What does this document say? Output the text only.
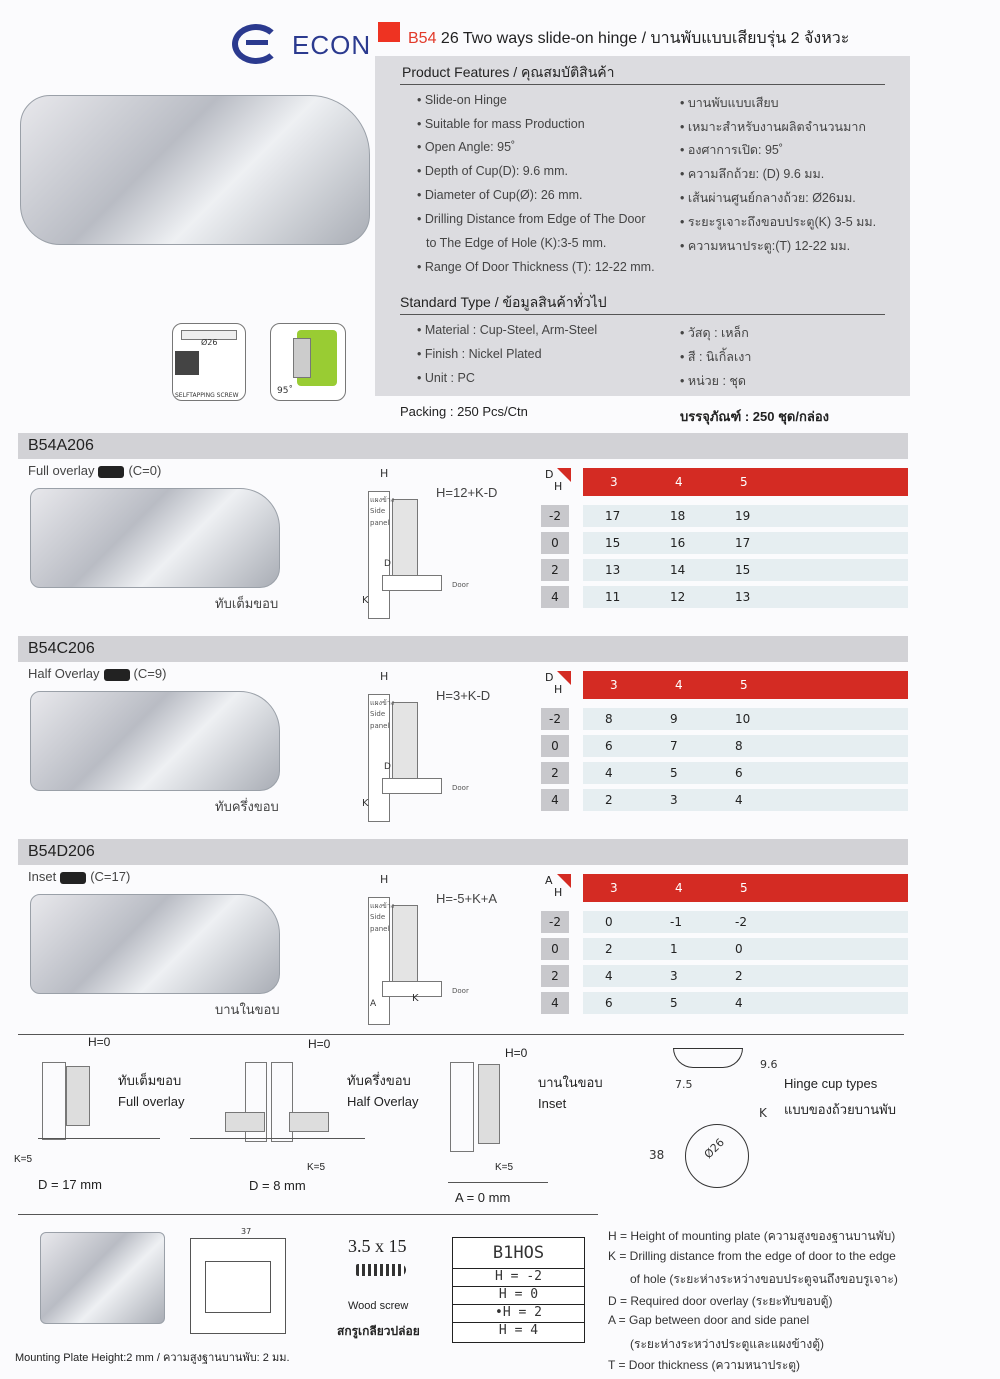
ECON B54 26 Two ways slide-on hinge / บานพับแบบเสียบรุ่น 2 จังหวะ
Ø26
SELFTAPPING SCREW	95˚
Product Features / คุณสมบัติสินค้า
• Slide-on Hinge
• Suitable for mass Production
• Open Angle: 95˚
• Depth of Cup(D): 9.6 mm.
• Diameter of Cup(Ø): 26 mm.
• Drilling Distance from Edge of The Door
to The Edge of Hole (K):3-5 mm.
• Range Of Door Thickness (T): 12-22 mm.
• บานพับแบบเสียบ
• เหมาะสำหรับงานผลิตจำนวนมาก
• องศาการเปิด: 95˚
• ความลึกถ้วย: (D) 9.6 มม.
• เส้นผ่านศูนย์กลางถ้วย: Ø26มม.
• ระยะรูเจาะถึงขอบประตู(K) 3-5 มม.
• ความหนาประตู:(T) 12-22 มม.
Standard Type / ข้อมูลสินค้าทั่วไป
• Material : Cup-Steel, Arm-Steel
• Finish : Nickel Plated
• Unit : PC
• วัสดุ : เหล็ก
• สี : นิเกิ้ลเงา
• หน่วย : ชุด
Packing : 250 Pcs/Ctn	บรรจุภัณฑ์ : 250 ชุด/กล่อง
B54A206
Full overlay	(C=0)
ทับเต็มขอบ
แผงข้าง
Side
panel
Door
H
D
K
H=12+K-D
D
H	3	4	5
-2	17	18	19
0	15	16	17
2	13	14	15
4	11	12	13
B54C206
Half Overlay	(C=9)
ทับครึ่งขอบ
แผงข้าง
Side
panel
Door
H
D
K
H=3+K-D
D
H	3	4	5
-2	8	9	10
0	6	7	8
2	4	5	6
4	2	3	4
B54D206
Inset	(C=17)
บานในขอบ
แผงข้าง
Side
panel
Door
H
A	K
H=-5+K+A
A
H	3	4	5
-2	0	-1	-2
0	2	1	0
2	4	3	2
4	6	5	4
H=0
ทับเต็มขอบ
Full overlay
K=5
D = 17 mm
H=0
ทับครึ่งขอบ
Half Overlay
K=5
D = 8 mm
H=0
บานในขอบ
Inset
K=5
A = 0 mm
Ø26
9.6
7.5
38
K
Hinge cup types
แบบของถ้วยบานพับ
37
Mounting Plate Height:2 mm / ความสูงฐานบานพับ: 2 มม.
3.5 x 15
Wood screw
สกรูเกลียวปล่อย
B1HOS
H = -2
H = 0
•H = 2
H = 4
H = Height of mounting plate (ความสูงของฐานบานพับ)
K = Drilling distance from the edge of door to the edge
of hole (ระยะห่างระหว่างขอบประตูจนถึงขอบรูเจาะ)
D = Required door overlay (ระยะทับขอบตู้)
A = Gap between door and side panel
(ระยะห่างระหว่างประตูและแผงข้างตู้)
T = Door thickness (ความหนาประตู)
